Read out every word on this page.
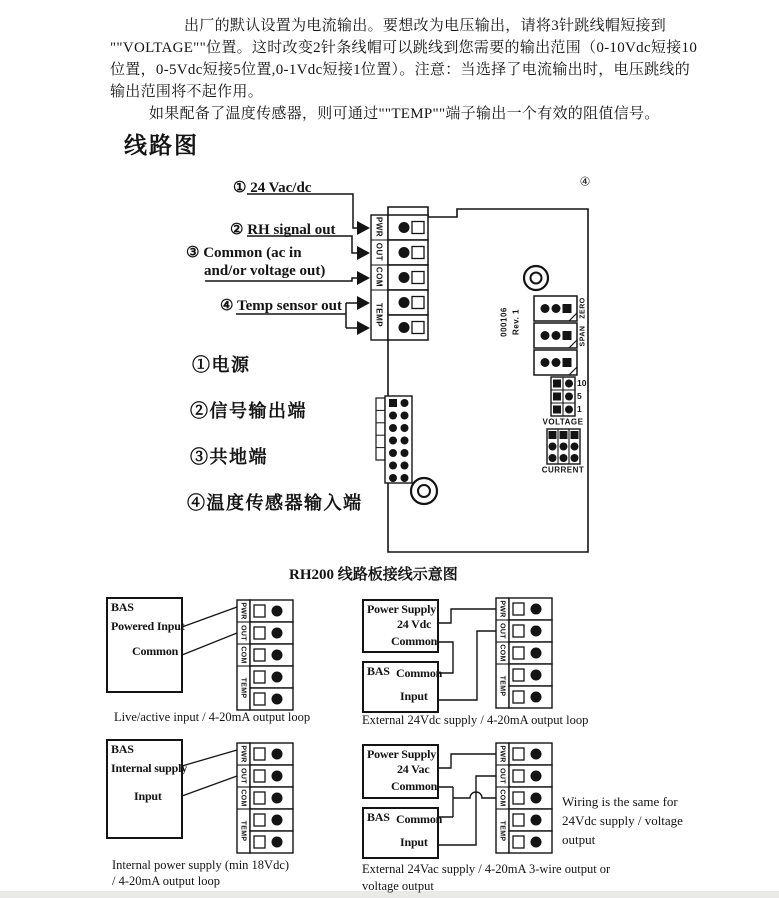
出厂的默认设置为电流输出。要想改为电压输出，请将3针跳线帽短接到
""VOLTAGE""位置。这时改变2针条线帽可以跳线到您需要的输出范围（0-10Vdc短接10
位置，0-5Vdc短接5位置,0-1Vdc短接1位置）。注意：当选择了电流输出时，电压跳线的
输出范围将不起作用。
如果配备了温度传感器，则可通过""TEMP""端子输出一个有效的阻值信号。
线路图
① 24 Vac/dc
② RH signal out
③ Common (ac in
and/or voltage out)
④ Temp sensor out
①电源
②信号输出端
③共地端
④温度传感器输入端
④
000106 Rev. 1
ZERO
SPAN
10
5
1
VOLTAGE
CURRENT
PWR
OUT
COM
TEMP
RH200 线路板接线示意图
BAS
Powered Input
Common
PWR
OUT
COM
TEMP
Live/active input / 4-20mA output loop
Power Supply
24 Vdc
Common
BAS Common
Input
PWR
OUT
COM
TEMP
External 24Vdc supply / 4-20mA output loop
BAS
Internal supply
Input
PWR
OUT
COM
TEMP
Internal power supply (min 18Vdc)
/ 4-20mA output loop
Power Supply
24 Vac
Common
BAS Common
Input
PWR
OUT
COM
TEMP
Wiring is the same for
24Vdc supply / voltage
output
External 24Vac supply / 4-20mA 3-wire output or
voltage output
